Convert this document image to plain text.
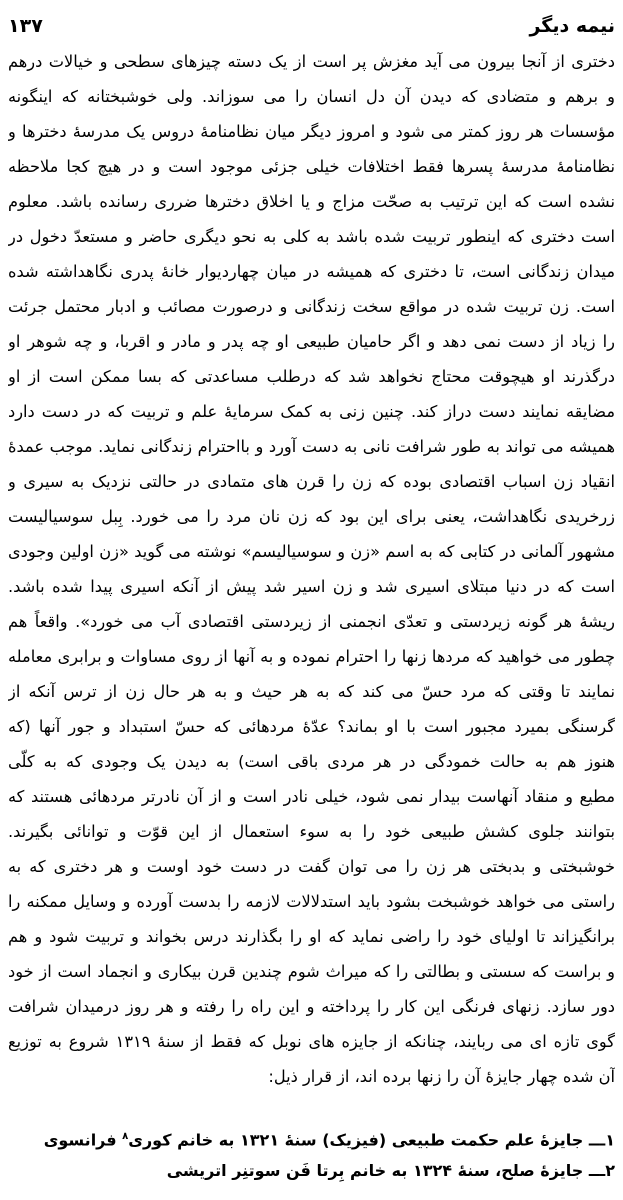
نیمه دیگر
۱۳۷
دختری از آنجا بیرون می آید مغزش پر است از یک دسته چیزهای سطحی و خیالات درهم
و برهم و متضادی که دیدن آن دل انسان را می سوزاند. ولی خوشبختانه که اینگونه
مؤسسات هر روز کمتر می شود و امروز دیگر میان نظامنامهٔ دروس یک مدرسهٔ دخترها و
نظامنامهٔ مدرسهٔ پسرها فقط اختلافات خیلی جزئی موجود است و در هیچ کجا ملاحظه
نشده است که این ترتیب به صحّت مزاج و یا اخلاق دخترها ضرری رسانده باشد. معلوم
است دختری که اینطور تربیت شده باشد به کلی به نحو دیگری حاضر و مستعدّ دخول در
میدان زندگانی است، تا دختری که همیشه در میان چهاردیوار خانهٔ پدری نگاهداشته شده
است. زن تربیت شده در مواقع سخت زندگانی و درصورت مصائب و ادبار محتمل جرئت
را زیاد از دست نمی دهد و اگر حامیان طبیعی او چه پدر و مادر و اقربا، و چه شوهر او
درگذرند او هیچوقت محتاج نخواهد شد که درطلب مساعدتی که بسا ممکن است از او
مضایقه نمایند دست دراز کند. چنین زنی به کمک سرمایهٔ علم و تربیت که در دست دارد
همیشه می تواند به طور شرافت نانی به دست آورد و بااحترام زندگانی نماید. موجب عمدهٔ
انقیاد زن اسباب اقتصادی بوده که زن را قرن های متمادی در حالتی نزدیک به سیری و
زرخریدی نگاهداشت، یعنی برای این بود که زن نان مرد را می خورد. بِبل سوسیالیست
مشهور آلمانی در کتابی که به اسم «زن و سوسیالیسم» نوشته می گوید «زن اولین وجودی
است که در دنیا مبتلای اسیری شد و زن اسیر شد پیش از آنکه اسیری پیدا شده باشد.
ریشهٔ هر گونه زیردستی و تعدّی انجمنی از زیردستی اقتصادی آب می خورد». واقعاً هم
چطور می خواهید که مردها زنها را احترام نموده و به آنها از روی مساوات و برابری معامله
نمایند تا وقتی که مرد حسّ می کند که به هر حیث و به هر حال زن از ترس آنکه از
گرسنگی بمیرد مجبور است با او بماند؟ عدّهٔ مردهائی که حسّ استبداد و جور آنها (که
هنوز هم به حالت خمودگی در هر مردی باقی است) به دیدن یک وجودی که به کلّی
مطیع و منقاد آنهاست بیدار نمی شود، خیلی نادر است و از آن نادرتر مردهائی هستند که
بتوانند جلوی کشش طبیعی خود را به سوء استعمال از این قوّت و توانائی بگیرند.
خوشبختی و بدبختی هر زن را می توان گفت در دست خود اوست و هر دختری که به
راستی می خواهد خوشبخت بشود باید استدلالات لازمه را بدست آورده و وسایل ممکنه را
برانگیزاند تا اولیای خود را راضی نماید که او را بگذارند درس بخواند و تربیت شود و هم
و براست که سستی و بطالتی را که میراث شوم چندین قرن بیکاری و انجماد است از خود
دور سازد. زنهای فرنگی این کار را پرداخته و این راه را رفته و هر روز درمیدان شرافت
گوی تازه ای می ربایند، چنانکه از جایزه های نوبل که فقط از سنهٔ ۱۳۱۹ شروع به توزیع
آن شده چهار جایزهٔ آن را زنها برده اند، از قرار ذیل:
۱ـــ جایزهٔ علم حکمت طبیعی (فیزیک) سنهٔ ۱۳۲۱ به خانم کوری$^۸$ فرانسوی
۲ـــ جایزهٔ صلح، سنهٔ ۱۳۲۴ به خانم بِرتا فَن سوتنِر اتریشی
